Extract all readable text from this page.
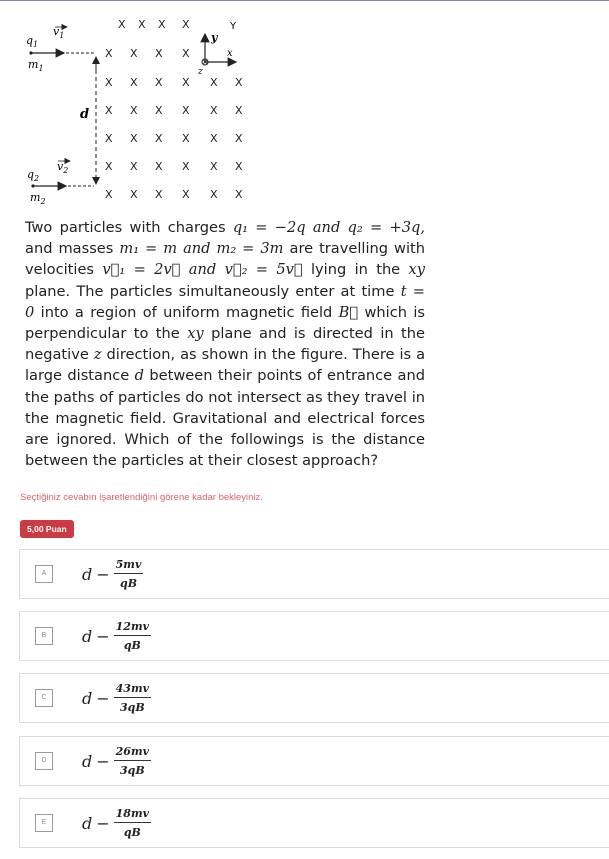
X X X X
X X X X
X X X X X X
X X X X X X
X X X X X X
X X X X X X
X X X X X X
$q_1$
$m_1$
$v_1$
$q_2$
$m_2$
$v_2$
d
y
x
z
Y
Two particles with charges q₁ = −2q and q₂ = +3q, and masses m₁ = m and m₂ = 3m are travelling with velocities v⃗₁ = 2v⃗ and v⃗₂ = 5v⃗ lying in the xy plane. The particles simultaneously enter at time t = 0 into a region of uniform magnetic field B⃗ which is perpendicular to the xy plane and is directed in the negative z direction, as shown in the figure. There is a large distance d between their points of entrance and the paths of particles do not intersect as they travel in the magnetic field. Gravitational and electrical forces are ignored. Which of the followings is the distance between the particles at their closest approach?
Seçtiğiniz cevabın işaretlendiğini görene kadar bekleyiniz.
5,00 Puan
A	$d - \frac{5mv}{qB}$
B	$d - \frac{12mv}{qB}$
C	$d - \frac{43mv}{3qB}$
D	$d - \frac{26mv}{3qB}$
E	$d - \frac{18mv}{qB}$
